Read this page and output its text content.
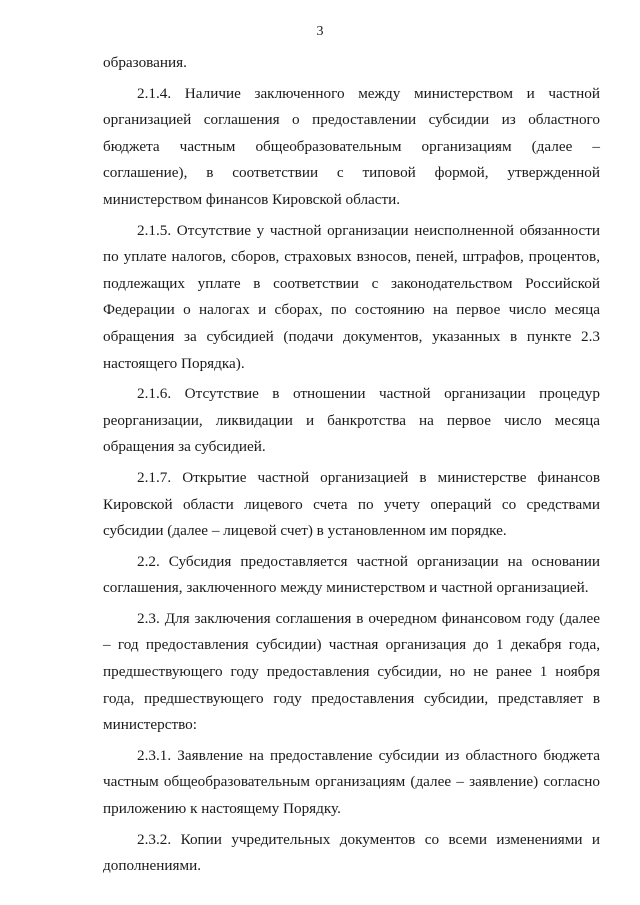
3

образования.

2.1.4. Наличие заключенного между министерством и частной организацией соглашения о предоставлении субсидии из областного бюджета частным общеобразовательным организациям (далее – соглашение), в соответствии с типовой формой, утвержденной министерством финансов Кировской области.

2.1.5. Отсутствие у частной организации неисполненной обязанности по уплате налогов, сборов, страховых взносов, пеней, штрафов, процентов, подлежащих уплате в соответствии с законодательством Российской Федерации о налогах и сборах, по состоянию на первое число месяца обращения за субсидией (подачи документов, указанных в пункте 2.3 настоящего Порядка).

2.1.6. Отсутствие в отношении частной организации процедур реорганизации, ликвидации и банкротства на первое число месяца обращения за субсидией.

2.1.7. Открытие частной организацией в министерстве финансов Кировской области лицевого счета по учету операций со средствами субсидии (далее – лицевой счет) в установленном им порядке.

2.2. Субсидия предоставляется частной организации на основании соглашения, заключенного между министерством и частной организацией.

2.3. Для заключения соглашения в очередном финансовом году (далее – год предоставления субсидии) частная организация до 1 декабря года, предшествующего году предоставления субсидии, но не ранее 1 ноября года, предшествующего году предоставления субсидии, представляет в министерство:

2.3.1. Заявление на предоставление субсидии из областного бюджета частным общеобразовательным организациям (далее – заявление) согласно приложению к настоящему Порядку.

2.3.2. Копии учредительных документов со всеми изменениями и дополнениями.
